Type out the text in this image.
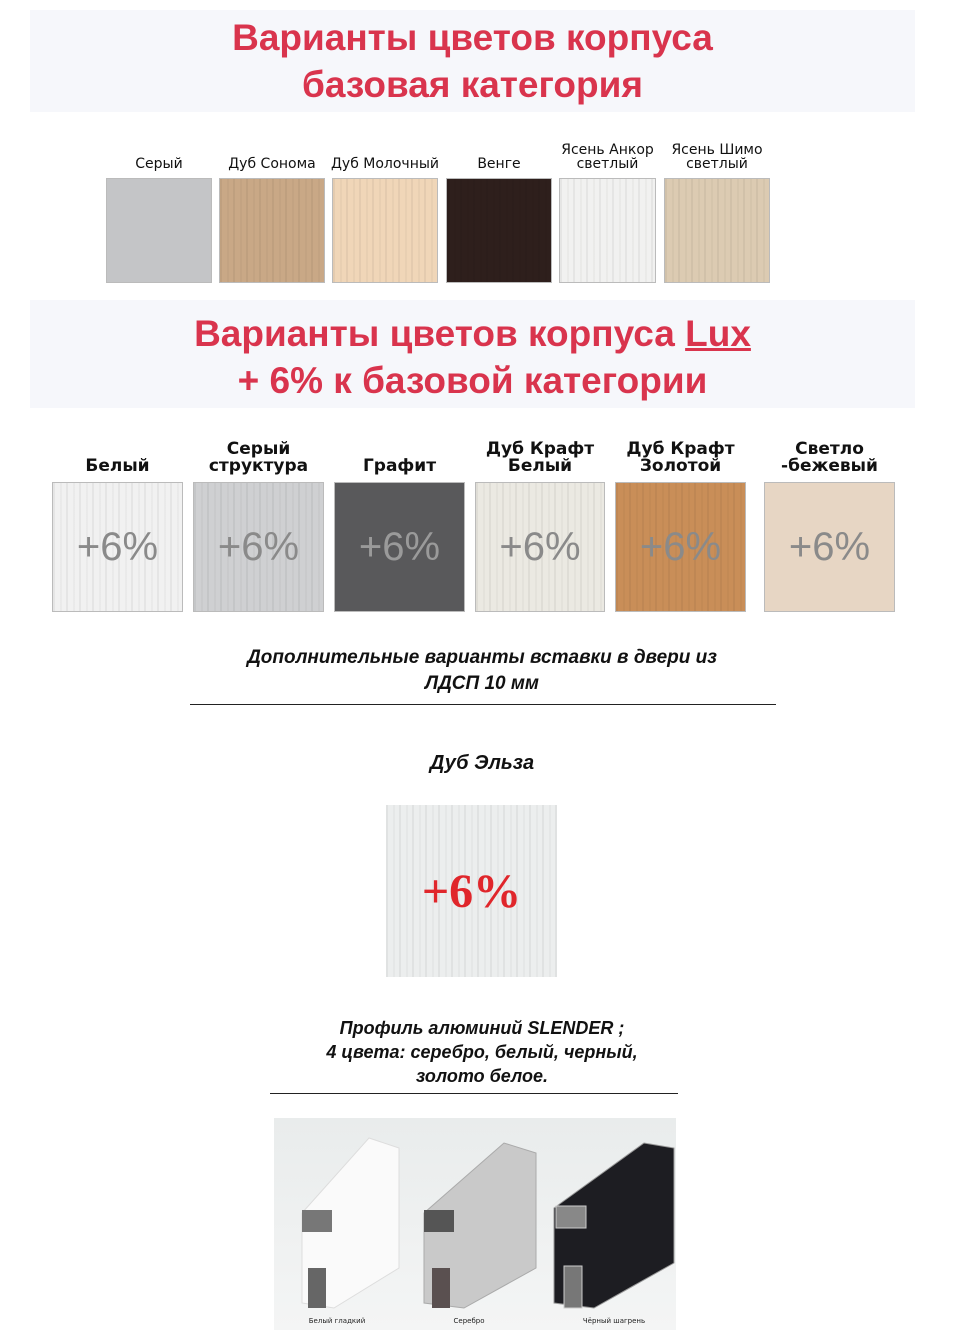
Варианты цветов корпуса
базовая категория
Серый	Дуб Сонома	Дуб Молочный	Венге
Ясень Анкор светлый
Ясень Шимо светлый
Варианты цветов корпуса Lux
+ 6% к базовой категории
Белый
+6%
Серый структура
+6%
Графит
+6%
Дуб Крафт Белый
+6%
Дуб Крафт Золотой
+6%
Светло -бежевый
+6%
Дополнительные варианты вставки в двери из
ЛДСП 10 мм
Дуб Эльза
+6%
Профиль алюминий SLENDER ;
4 цвета: серебро, белый, черный,
золото белое.
Белый гладкий	Серебро	Чёрный шагрень
